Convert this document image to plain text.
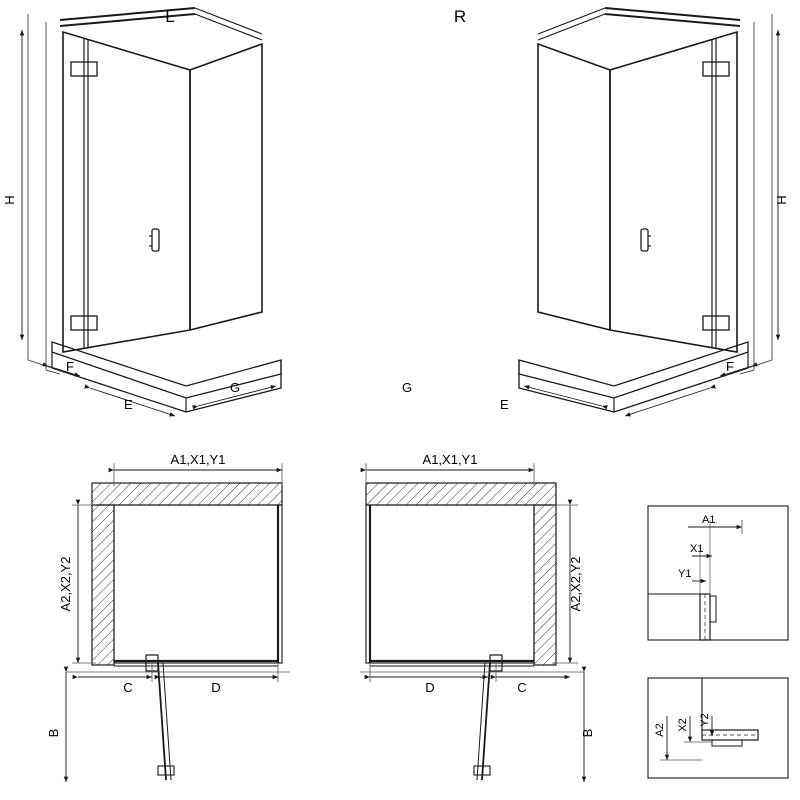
L
H
F
E
G
R
H
F
E
G
A1,X1,Y1
A2,X2,Y2
B
C	D
A1,X1,Y1
A2,X2,Y2
B
D	C
A1
X1
Y1
A2 X2 Y2
